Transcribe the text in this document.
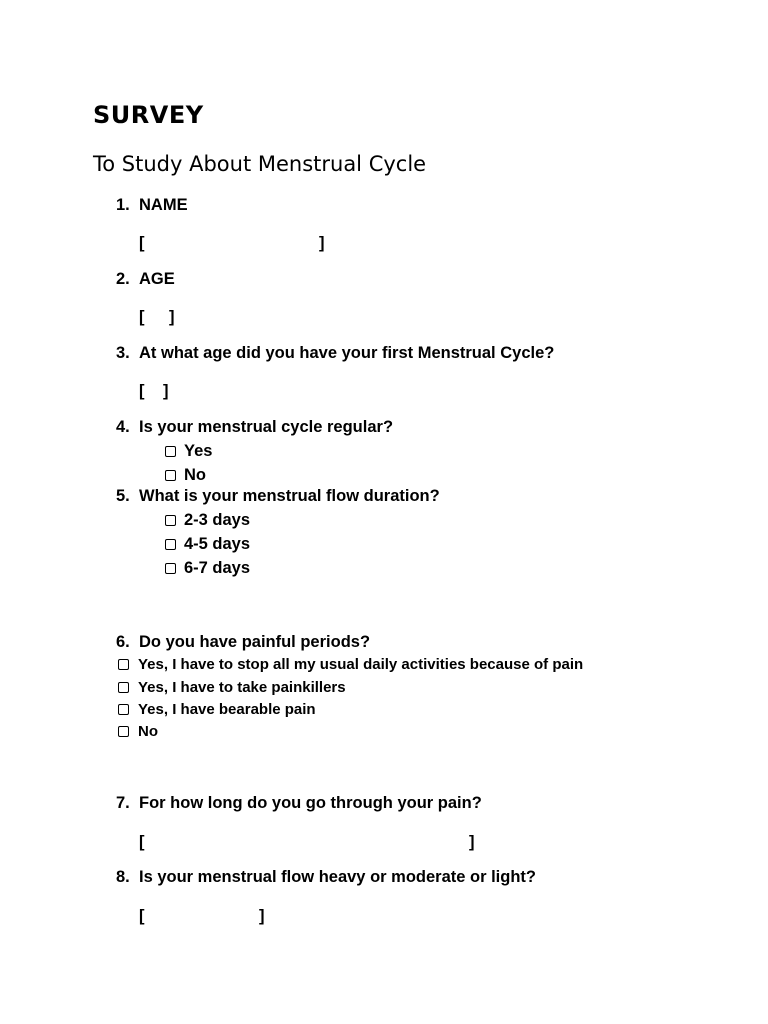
SURVEY
To Study About Menstrual Cycle
1. NAME

[

	]

2. AGE

[

]

3. At what age did you have your first Menstrual Cycle?

[

]

4. Is your menstrual cycle regular?
Yes
No
5. What is your menstrual flow duration?
2-3 days
4-5 days
6-7 days
6. Do you have painful periods?
Yes, I have to stop all my usual daily activities because of pain
Yes, I have to take painkillers
Yes, I have bearable pain
No
7. For how long do you go through your pain?

[

	]

8. Is your menstrual flow heavy or moderate or light?

[

	]
